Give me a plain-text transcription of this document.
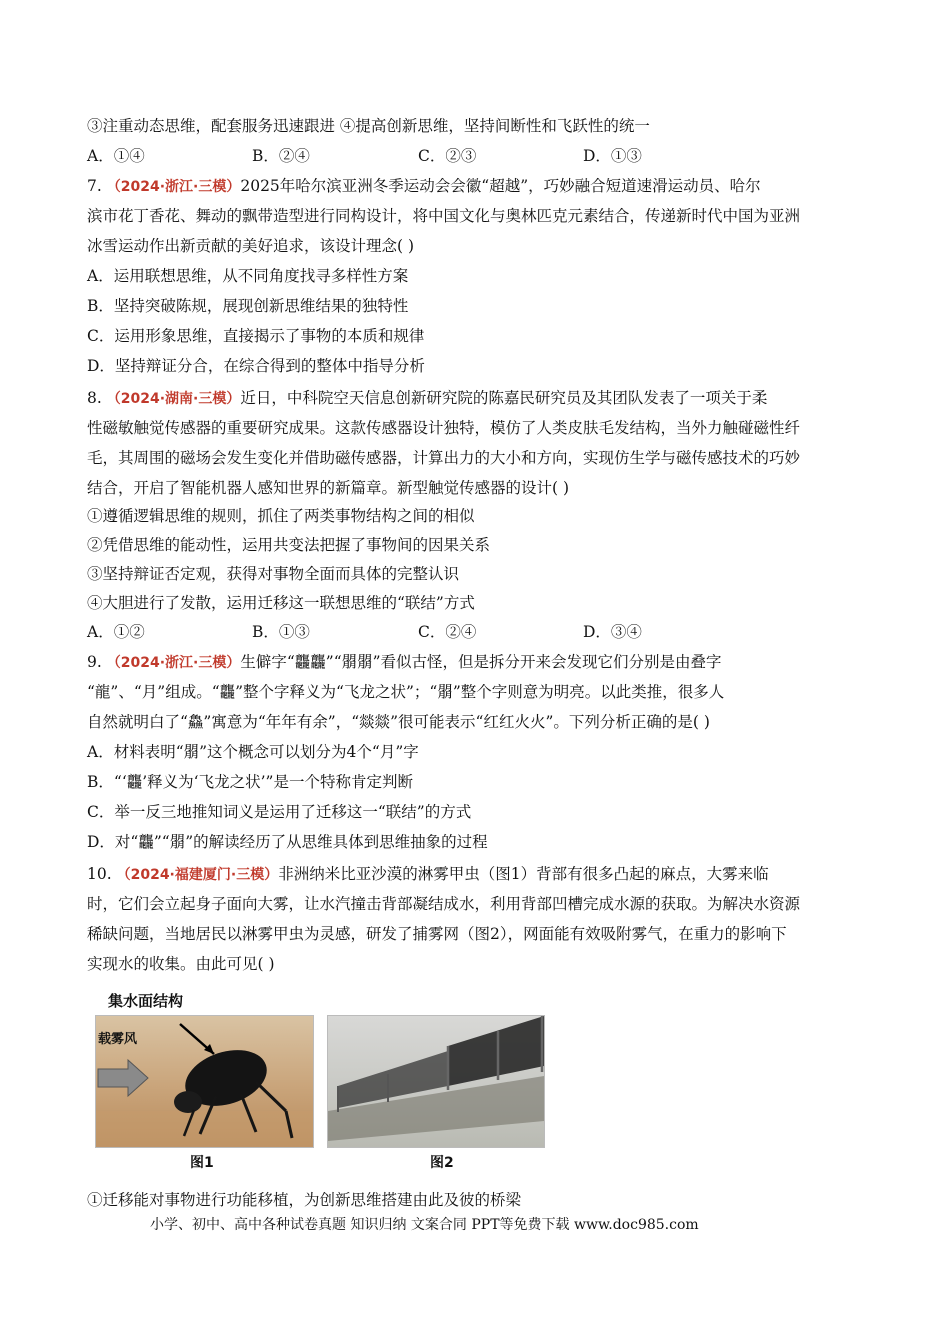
③注重动态思维，配套服务迅速跟进 ④提高创新思维，坚持间断性和飞跃性的统一
A．①④	B．②④	C．②③	D．①③
7. （2024·浙江·三模）2025年哈尔滨亚洲冬季运动会会徽“超越”，巧妙融合短道速滑运动员、哈尔
滨市花丁香花、舞动的飘带造型进行同构设计，将中国文化与奥林匹克元素结合，传递新时代中国为亚洲
冰雪运动作出新贡献的美好追求，该设计理念( )
A．运用联想思维，从不同角度找寻多样性方案
B．坚持突破陈规，展现创新思维结果的独特性
C．运用形象思维，直接揭示了事物的本质和规律
D．坚持辩证分合，在综合得到的整体中指导分析
8. （2024·湖南·三模）近日，中科院空天信息创新研究院的陈嘉民研究员及其团队发表了一项关于柔
性磁敏触觉传感器的重要研究成果。这款传感器设计独特，模仿了人类皮肤毛发结构，当外力触碰磁性纤
毛，其周围的磁场会发生变化并借助磁传感器，计算出力的大小和方向，实现仿生学与磁传感技术的巧妙
结合，开启了智能机器人感知世界的新篇章。新型触觉传感器的设计( )
①遵循逻辑思维的规则，抓住了两类事物结构之间的相似
②凭借思维的能动性，运用共变法把握了事物间的因果关系
③坚持辩证否定观，获得对事物全面而具体的完整认识
④大胆进行了发散，运用迁移这一联想思维的“联结”方式
A．①②	B．①③	C．②④	D．③④
9. （2024·浙江·三模）生僻字“龘龘”“朤朤”看似古怪，但是拆分开来会发现它们分别是由叠字
“龍”、“月”组成。“龘”整个字释义为“飞龙之状”；“朤”整个字则意为明亮。以此类推，很多人
自然就明白了“鱻”寓意为“年年有余”，“燚燚”很可能表示“红红火火”。下列分析正确的是( )
A．材料表明“朤”这个概念可以划分为4个“月”字
B．“‘龘’释义为‘飞龙之状’”是一个特称肯定判断
C．举一反三地推知词义是运用了迁移这一“联结”的方式
D．对“龘”“朤”的解读经历了从思维具体到思维抽象的过程
10. （2024·福建厦门·三模）非洲纳米比亚沙漠的淋雾甲虫（图1）背部有很多凸起的麻点，大雾来临
时，它们会立起身子面向大雾，让水汽撞击背部凝结成水，利用背部凹槽完成水源的获取。为解决水资源
稀缺问题，当地居民以淋雾甲虫为灵感，研发了捕雾网（图2），网面能有效吸附雾气，在重力的影响下
实现水的收集。由此可见( )
集水面结构
载雾风
图1	图2
①迁移能对事物进行功能移植，为创新思维搭建由此及彼的桥梁
小学、初中、高中各种试卷真题 知识归纳 文案合同 PPT等免费下载 www.doc985.com
